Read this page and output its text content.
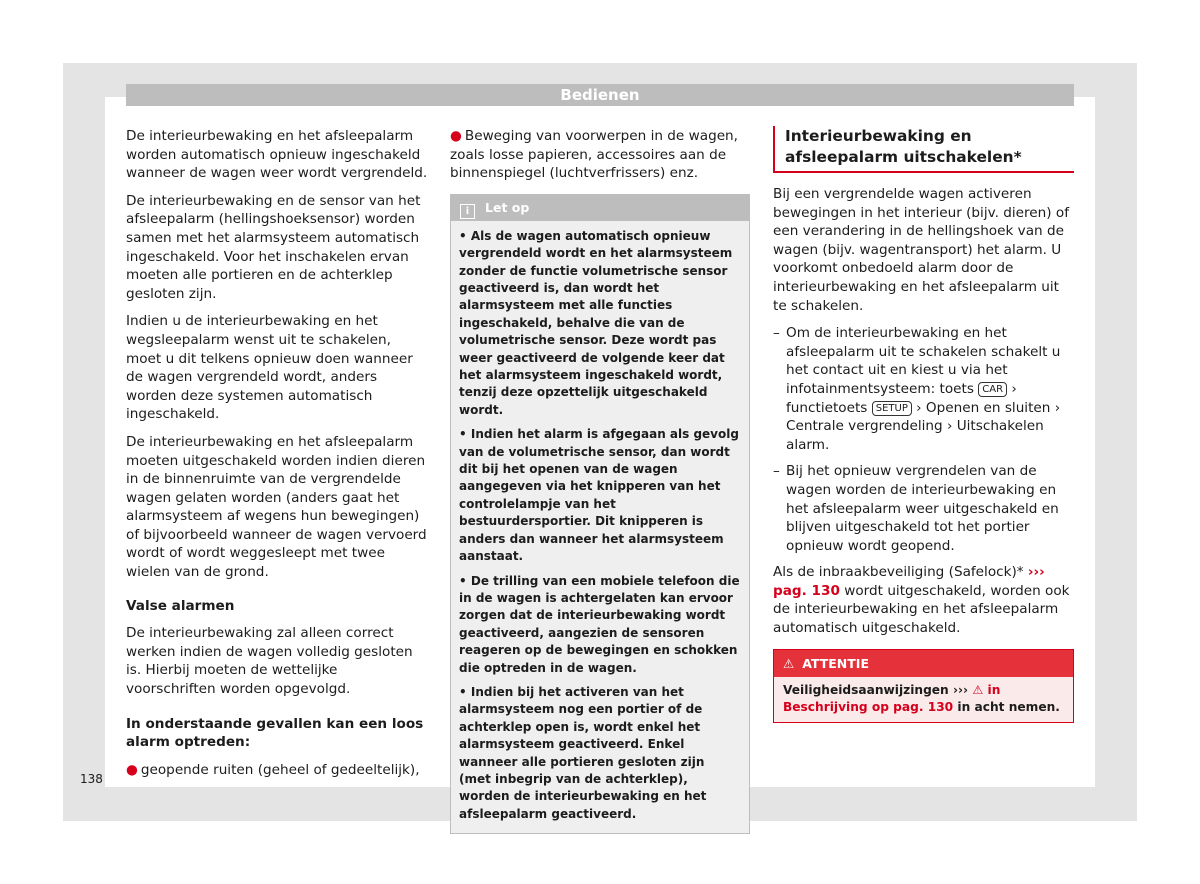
Bedienen

De interieurbewaking en het afsleepalarm worden automatisch opnieuw ingeschakeld wanneer de wagen weer wordt vergrendeld.

De interieurbewaking en de sensor van het afsleepalarm (hellingshoeksensor) worden samen met het alarmsysteem automatisch ingeschakeld. Voor het inschakelen ervan moeten alle portieren en de achterklep gesloten zijn.

Indien u de interieurbewaking en het wegsleepalarm wenst uit te schakelen, moet u dit telkens opnieuw doen wanneer de wagen vergrendeld wordt, anders worden deze systemen automatisch ingeschakeld.

De interieurbewaking en het afsleepalarm moeten uitgeschakeld worden indien dieren in de binnenruimte van de vergrendelde wagen gelaten worden (anders gaat het alarmsysteem af wegens hun bewegingen) of bijvoorbeeld wanneer de wagen vervoerd wordt of wordt weggesleept met twee wielen van de grond.

Valse alarmen

De interieurbewaking zal alleen correct werken indien de wagen volledig gesloten is. Hierbij moeten de wettelijke voorschriften worden opgevolgd.

In onderstaande gevallen kan een loos alarm optreden:

● geopende ruiten (geheel of gedeeltelijk),
● Beweging van voorwerpen in de wagen, zoals losse papieren, accessoires aan de binnenspiegel (luchtverfrissers) enz.
i Let op

• Als de wagen automatisch opnieuw vergrendeld wordt en het alarmsysteem zonder de functie volumetrische sensor geactiveerd is, dan wordt het alarmsysteem met alle functies ingeschakeld, behalve die van de volumetrische sensor. Deze wordt pas weer geactiveerd de volgende keer dat het alarmsysteem ingeschakeld wordt, tenzij deze opzettelijk uitgeschakeld wordt.

• Indien het alarm is afgegaan als gevolg van de volumetrische sensor, dan wordt dit bij het openen van de wagen aangegeven via het knipperen van het controlelampje van het bestuurdersportier. Dit knipperen is anders dan wanneer het alarmsysteem aanstaat.

• De trilling van een mobiele telefoon die in de wagen is achtergelaten kan ervoor zorgen dat de interieurbewaking wordt geactiveerd, aangezien de sensoren reageren op de bewegingen en schokken die optreden in de wagen.

• Indien bij het activeren van het alarmsysteem nog een portier of de achterklep open is, wordt enkel het alarmsysteem geactiveerd. Enkel wanneer alle portieren gesloten zijn (met inbegrip van de achterklep), worden de interieurbewaking en het afsleepalarm geactiveerd.

Interieurbewaking en afsleepalarm uitschakelen*

Bij een vergrendelde wagen activeren bewegingen in het interieur (bijv. dieren) of een verandering in de hellingshoek van de wagen (bijv. wagentransport) het alarm. U voorkomt onbedoeld alarm door de interieurbewaking en het afsleepalarm uit te schakelen.

– Om de interieurbewaking en het afsleepalarm uit te schakelen schakelt u het contact uit en kiest u via het infotainmentsysteem: toets CAR › functietoets SETUP › Openen en sluiten › Centrale vergrendeling › Uitschakelen alarm.
– Bij het opnieuw vergrendelen van de wagen worden de interieurbewaking en het afsleepalarm weer uitgeschakeld en blijven uitgeschakeld tot het portier opnieuw wordt geopend.

Als de inbraakbeveiliging (Safelock)* ››› pag. 130 wordt uitgeschakeld, worden ook de interieurbewaking en het afsleepalarm automatisch uitgeschakeld.

⚠ ATTENTIE
Veiligheidsaanwijzingen ››› ⚠ in Beschrijving op pag. 130 in acht nemen.
138
